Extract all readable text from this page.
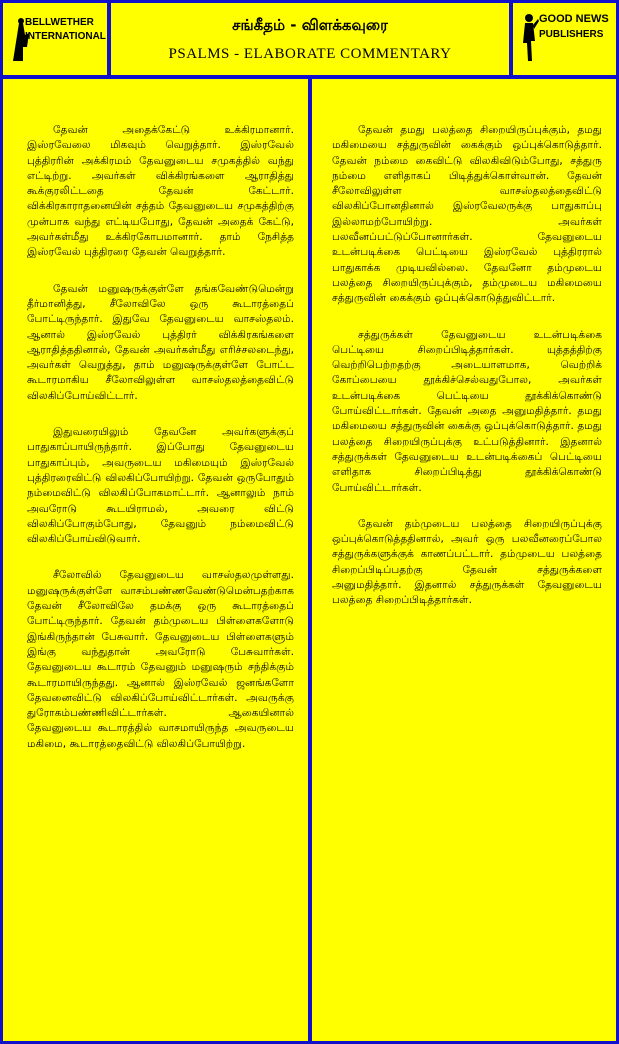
BELLWETHER
INTERNATIONAL
சங்கீதம் - விளக்கவுரை
PSALMS - ELABORATE COMMENTARY
GOOD NEWS
PUBLISHERS

தேவன் அதைக்கேட்டு உக்கிரமானார். இஸ்ரவேலை மிகவும் வெறுத்தார். இஸ்ரவேல் புத்திரரின் அக்கிரமம் தேவனுடைய சமுகத்தில் வந்து எட்டிற்று. அவர்கள் விக்கிரங்களை ஆராதித்து கூக்குரலிட்டதை தேவன் கேட்டார். விக்கிரகாராதனையின் சத்தம் தேவனுடைய சமுகத்திற்கு முன்பாக வந்து எட்டியபோது, தேவன் அதைக் கேட்டு, அவர்கள்மீது உக்கிரகோபமானார். தாம் நேசித்த இஸ்ரவேல் புத்திரரை தேவன் வெறுத்தார்.

தேவன் மனுஷருக்குள்ளே தங்கவேண்டுமென்று தீர்மானித்து, சீலோவிலே ஒரு கூடாரத்தைப் போட்டிருந்தார். இதுவே தேவனுடைய வாசஸ்தலம். ஆனால் இஸ்ரவேல் புத்திரர் விக்கிரகங்களை ஆராதித்ததினால், தேவன் அவர்கள்மீது எரிச்சலடைந்து, அவர்கள் வெறுத்து, தாம் மனுஷருக்குள்ளே போட்ட கூடாரமாகிய சீலோவிலுள்ள வாசஸ்தலத்தைவிட்டு விலகிப்போய்விட்டார்.

இதுவரையிலும் தேவனே அவர்களுக்குப் பாதுகாப்பாயிருந்தார். இப்போது தேவனுடைய பாதுகாப்பும், அவருடைய மகிமையும் இஸ்ரவேல் புத்திரரைவிட்டு விலகிப்போயிற்று. தேவன் ஒருபோதும் நம்மைவிட்டு விலகிப்போகமாட்டார். ஆனாலும் நாம் அவரோடு கூடயிராமல், அவரை விட்டு விலகிப்போகும்போது, தேவனும் நம்மைவிட்டு விலகிப்போய்விடுவார்.

சீலோவில் தேவனுடைய வாசஸ்தலமுள்ளது. மனுஷருக்குள்ளே வாசம்பண்ணவேண்டுமென்பதற்காக தேவன் சீலோவிலே தமக்கு ஒரு கூடாரத்தைப் போட்டிருந்தார். தேவன் தம்முடைய பிள்ளைகளோடு இங்கிருந்தான் பேசுவார். தேவனுடைய பிள்ளைகளும் இங்கு வந்துதான் அவரோடு பேசுவார்கள். தேவனுடைய கூடாரம் தேவனும் மனுஷரும் சந்திக்கும் கூடாரமாயிருந்தது. ஆனால் இஸ்ரவேல் ஜனங்களோ தேவனைவிட்டு விலகிப்போய்விட்டார்கள். அவருக்கு துரோகம்பண்ணிவிட்டார்கள். ஆகையினால் தேவனுடைய கூடாரத்தில் வாசமாயிருந்த அவருடைய மகிமை, கூடாரத்தைவிட்டு விலகிப்போயிற்று.

தேவன் தமது பலத்தை சிறையிருப்புக்கும், தமது மகிமையை சத்துருவின் கைக்கும் ஒப்புக்கொடுத்தார். தேவன் நம்மை கைவிட்டு விலகிவிடும்போது, சத்துரு நம்மை எளிதாகப் பிடித்துக்கொள்வான். தேவன் சீலோவிலுள்ள வாசஸ்தலத்தைவிட்டு விலகிப்போனதினால் இஸ்ரவேலருக்கு பாதுகாப்பு இல்லாமற்போயிற்று. அவர்கள் பலவீனப்பட்டுப்போனார்கள். தேவனுடைய உடன்படிக்கை பெட்டியை இஸ்ரவேல் புத்திரரால் பாதுகாக்க முடியவில்லை. தேவனோ தம்முடைய பலத்தை சிறையிருப்புக்கும், தம்முடைய மகிமையை சத்துருவின் கைக்கும் ஒப்புக்கொடுத்துவிட்டார்.

சத்துருக்கள் தேவனுடைய உடன்படிக்கை பெட்டியை சிறைப்பிடித்தார்கள். யுத்தத்திற்கு வெற்றிபெற்றதற்கு அடையாளமாக, வெற்றிக் கோப்பையை தூக்கிச்செல்வதுபோல, அவர்கள் உடன்படிக்கை பெட்டியை தூக்கிக்கொண்டு போய்விட்டார்கள். தேவன் அதை அனுமதித்தார். தமது மகிமையை சத்துருவின் கைக்கு ஒப்புக்கொடுத்தார். தமது பலத்தை சிறையிருப்புக்கு உட்படுத்தினார். இதனால் சத்துருக்கள் தேவனுடைய உடன்படிக்கைப் பெட்டியை எளிதாக சிறைப்பிடித்து தூக்கிக்கொண்டு போய்விட்டார்கள்.

தேவன் தம்முடைய பலத்தை சிறையிருப்புக்கு ஒப்புக்கொடுத்ததினால், அவர் ஒரு பலவீனரைப்போல சத்துருக்களுக்குக் காணப்பட்டார். தம்முடைய பலத்தை சிறைப்பிடிப்பதற்கு தேவன் சத்துருக்களை அனுமதித்தார். இதனால் சத்துருக்கள் தேவனுடைய பலத்தை சிறைப்பிடித்தார்கள்.
